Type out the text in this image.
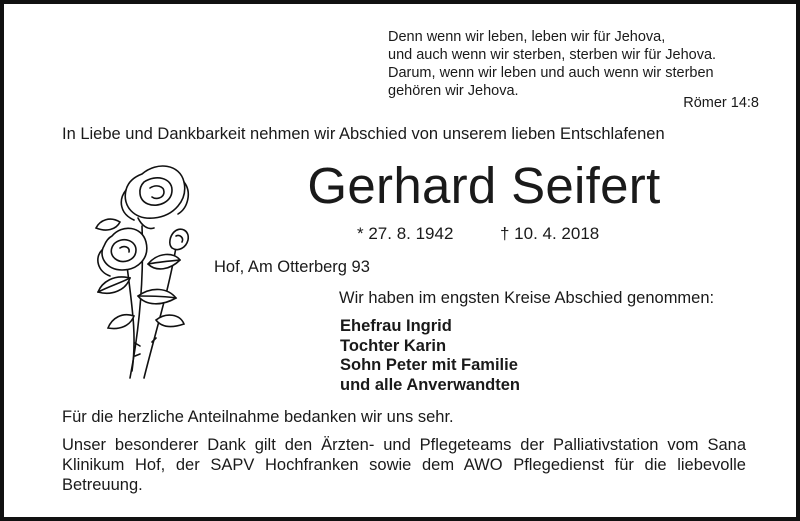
Denn wenn wir leben, leben wir für Jehova,
und auch wenn wir sterben, sterben wir für Jehova.
Darum, wenn wir leben und auch wenn wir sterben
gehören wir Jehova.
Römer 14:8
In Liebe und Dankbarkeit nehmen wir Abschied von unserem lieben Entschlafenen
Gerhard Seifert
* 27. 8. 1942	† 10. 4. 2018
Hof, Am Otterberg 93
Wir haben im engsten Kreise Abschied genommen:
Ehefrau Ingrid
Tochter Karin
Sohn Peter mit Familie
und alle Anverwandten
Für die herzliche Anteilnahme bedanken wir uns sehr.
Unser besonderer Dank gilt den Ärzten- und Pflegeteams der Palliativstation vom Sana Klinikum Hof, der SAPV Hochfranken sowie dem AWO Pflegedienst für die liebevolle Betreuung.
